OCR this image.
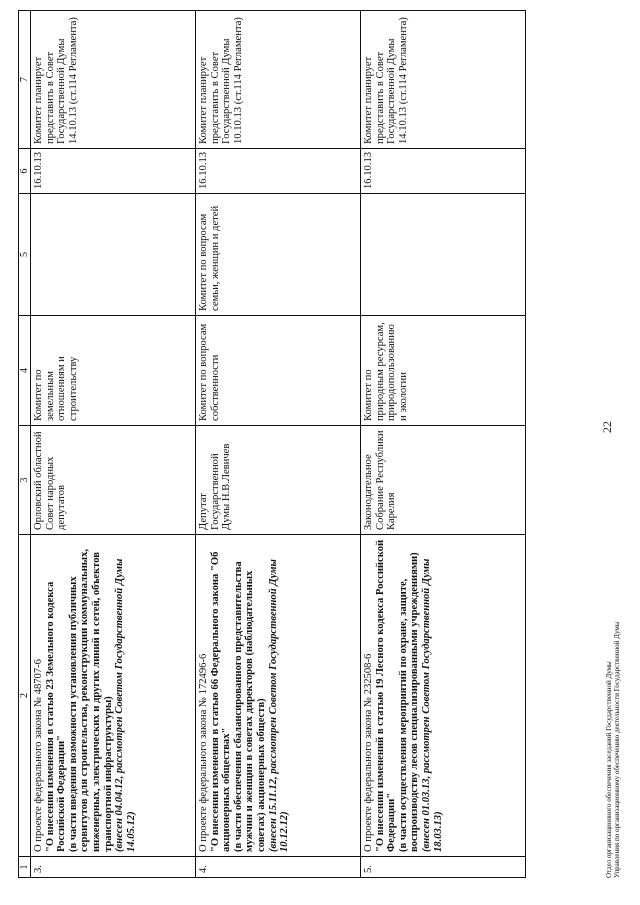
22
1	2	3	4	5	6	7
3.	О проекте федерального закона № 48707-6 "О внесении изменения в статью 23 Земельного кодекса Российской Федерации" (в части введения возможности установления публичных сервитутов для строительства, реконструкции коммунальных, инженерных, электрических и других линий и сетей, объектов транспортной инфраструктуры) (внесен 04.04.12, рассмотрен Советом Государственной Думы 14.05.12)	Орловский областной Совет народных депутатов	Комитет по земельным отношениям и строительству		16.10.13	Комитет планирует представить в Совет Государственной Думы 14.10.13 (ст.114 Регламента)
4.	О проекте федерального закона № 172496-6 "О внесении изменения в статью 66 Федерального закона "Об акционерных обществах" (в части обеспечения сбалансированного представительства мужчин и женщин в советах директоров (наблюдательных советах) акционерных обществ) (внесен 15.11.12, рассмотрен Советом Государственной Думы 10.12.12)	Депутат Государственной Думы Н.В.Левичев	Комитет по вопросам собственности	Комитет по вопросам семьи, женщин и детей	16.10.13	Комитет планирует представить в Совет Государственной Думы 10.10.13 (ст.114 Регламента)
5.	О проекте федерального закона № 232508-6 "О внесении изменений в статью 19 Лесного кодекса Российской Федерации" (в части осуществления мероприятий по охране, защите, воспроизводству лесов специализированными учреждениями) (внесен 01.03.13, рассмотрен Советом Государственной Думы 18.03.13)	Законодательное Собрание Республики Карелия	Комитет по природным ресурсам, природопользованию и экологии		16.10.13	Комитет планирует представить в Совет Государственной Думы 14.10.13 (ст.114 Регламента)
Отдел организационного обеспечения заседаний Государственной Думы Управления по организационному обеспечению деятельности Государственной Думы
